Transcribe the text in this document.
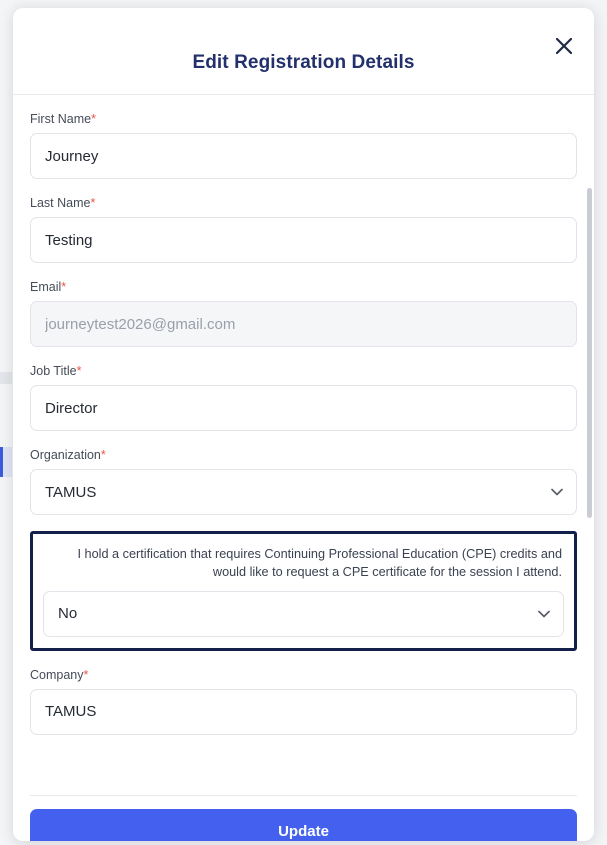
Edit Registration Details
First Name*
Journey
Last Name*
Testing
Email*
journeytest2026@gmail.com
Job Title*
Director
Organization*
TAMUS
I hold a certification that requires Continuing Professional Education (CPE) credits and would like to request a CPE certificate for the session I attend.
No
Company*
TAMUS
Update
